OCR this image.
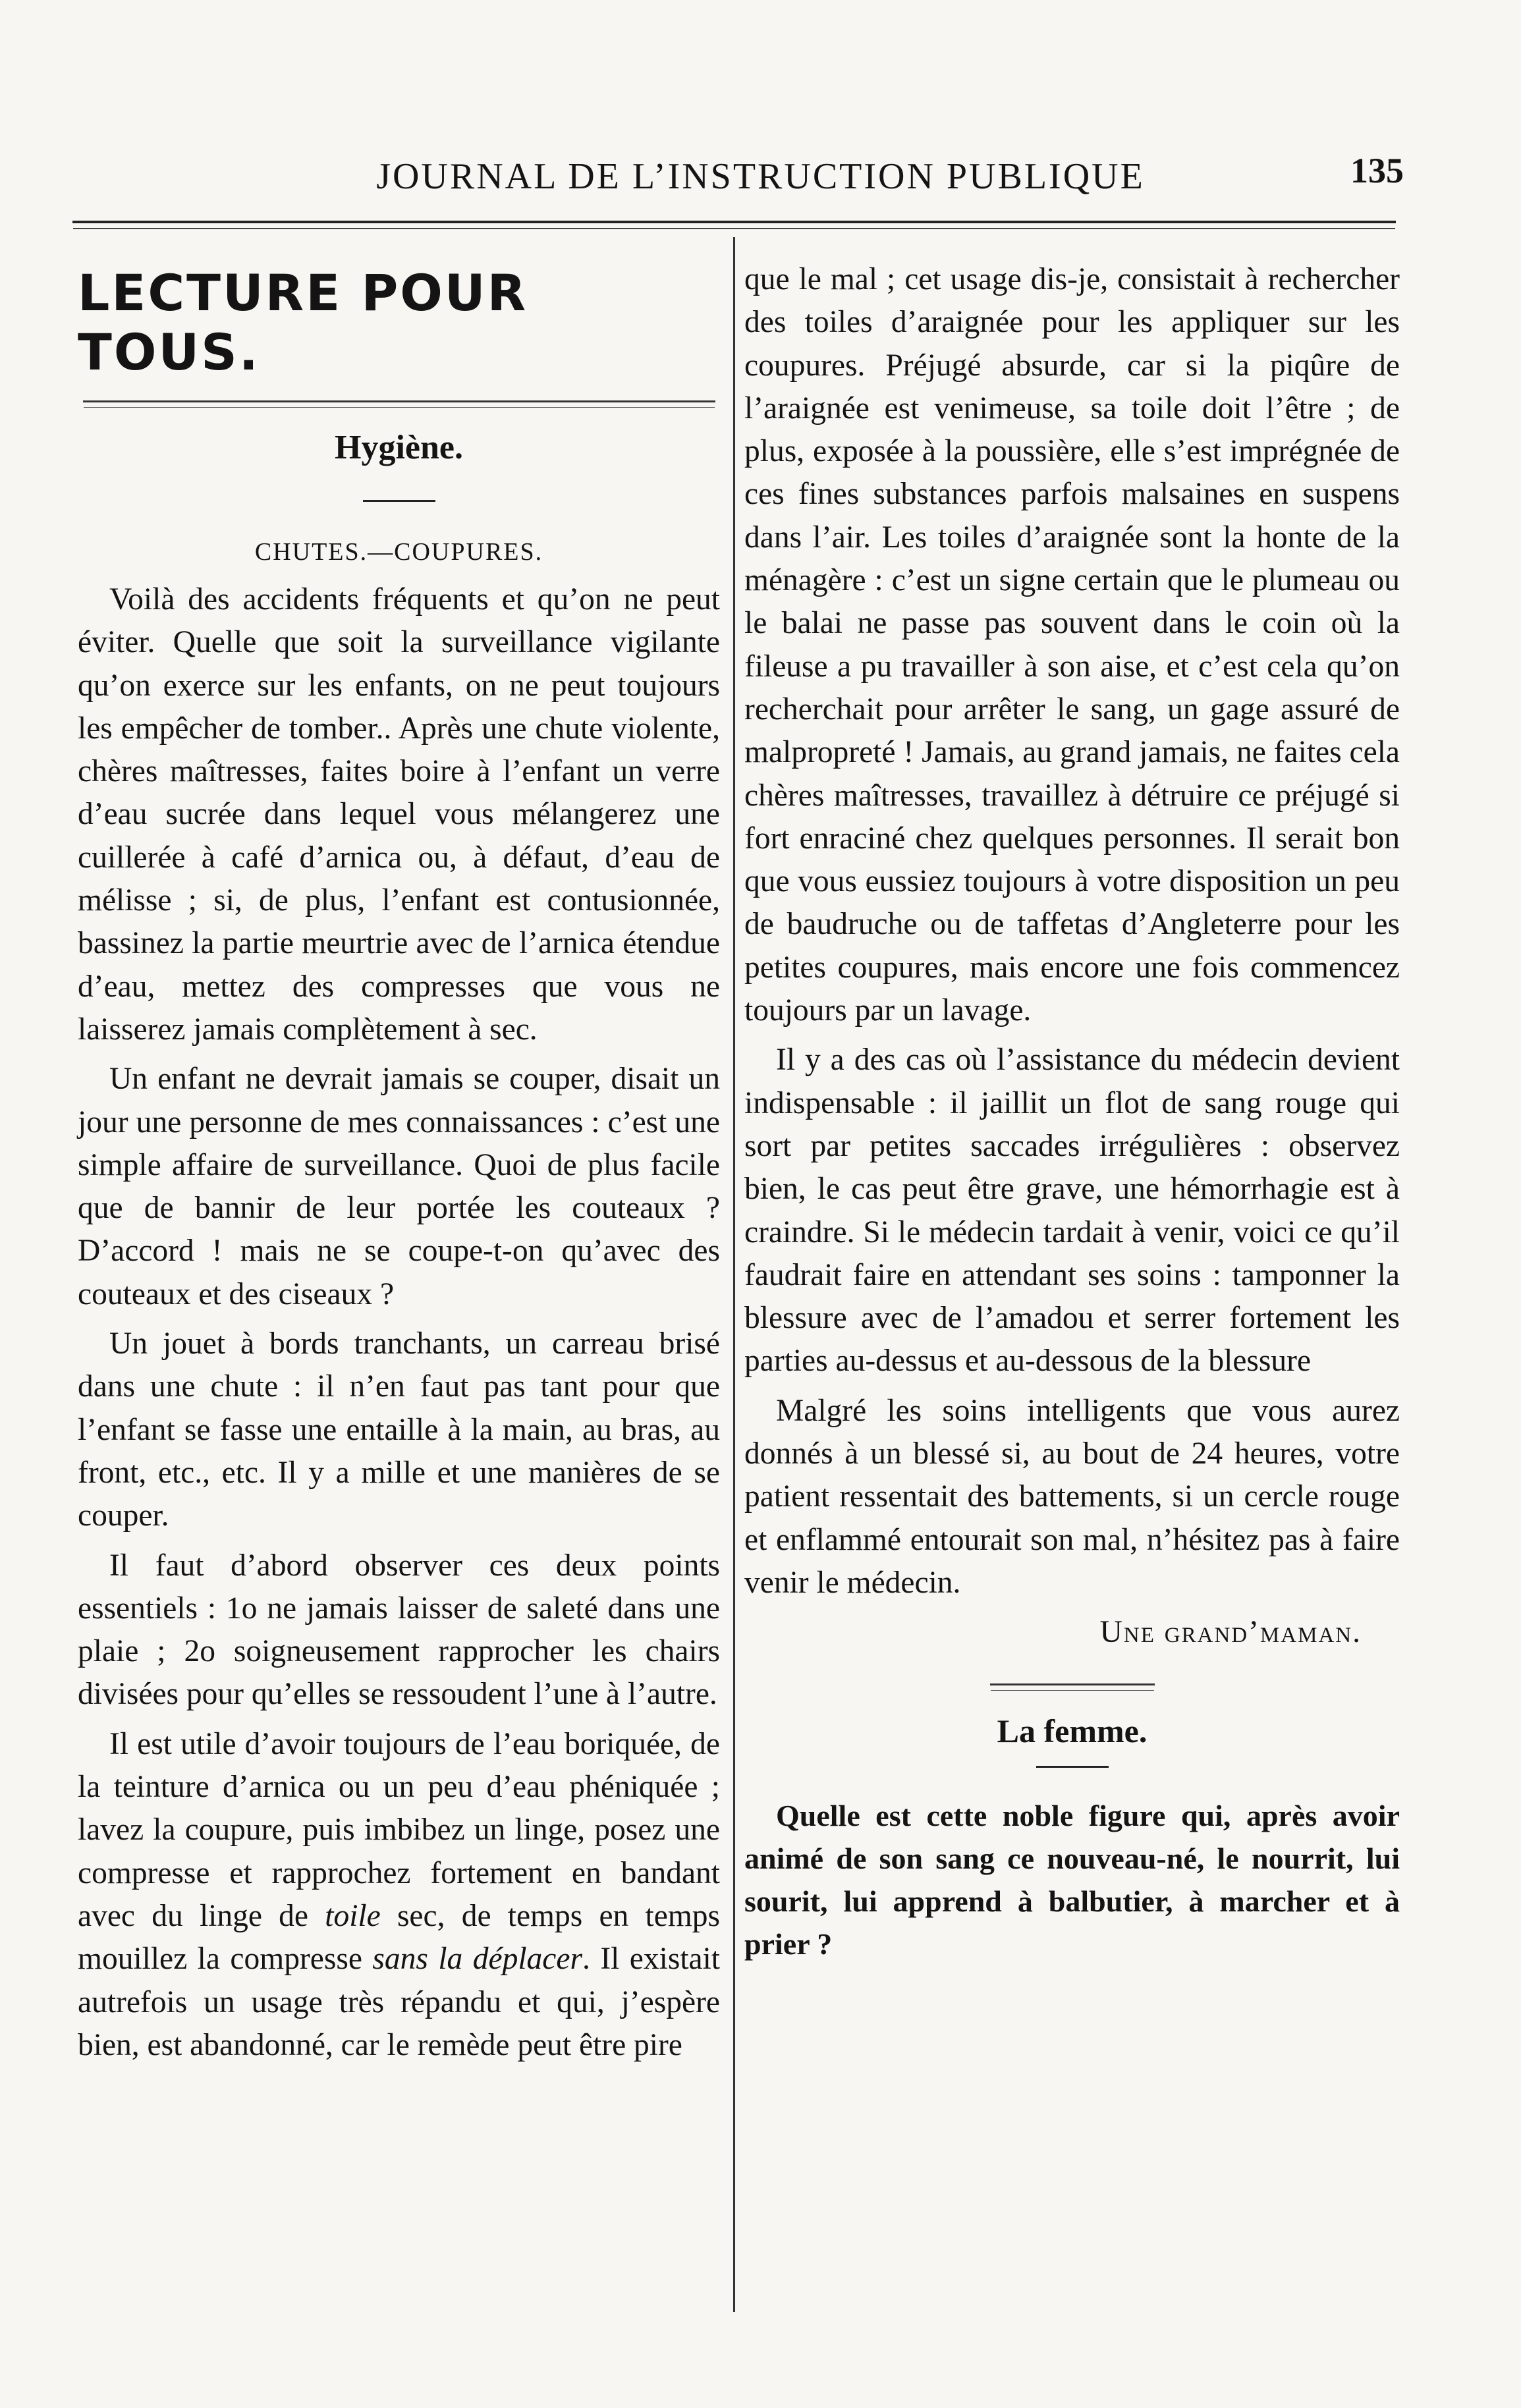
JOURNAL DE L’INSTRUCTION PUBLIQUE	135
LECTURE POUR TOUS.
Hygiène.
CHUTES.—COUPURES.

Voilà des accidents fréquents et qu’on ne peut éviter. Quelle que soit la surveillance vigilante qu’on exerce sur les enfants, on ne peut toujours les empêcher de tomber.. Après une chute violente, chères maîtresses, faites boire à l’enfant un verre d’eau sucrée dans lequel vous mélangerez une cuillerée à café d’arnica ou, à défaut, d’eau de mélisse ; si, de plus, l’enfant est contusionnée, bassinez la partie meurtrie avec de l’arnica étendue d’eau, mettez des compresses que vous ne laisserez jamais complètement à sec.

Un enfant ne devrait jamais se couper, disait un jour une personne de mes connaissances : c’est une simple affaire de surveillance. Quoi de plus facile que de bannir de leur portée les couteaux ? D’accord ! mais ne se coupe-t-on qu’avec des couteaux et des ciseaux ?

Un jouet à bords tranchants, un carreau brisé dans une chute : il n’en faut pas tant pour que l’enfant se fasse une entaille à la main, au bras, au front, etc., etc. Il y a mille et une manières de se couper.

Il faut d’abord observer ces deux points essentiels : 1o ne jamais laisser de saleté dans une plaie ; 2o soigneusement rapprocher les chairs divisées pour qu’elles se ressoudent l’une à l’autre.

Il est utile d’avoir toujours de l’eau boriquée, de la teinture d’arnica ou un peu d’eau phéniquée ; lavez la coupure, puis imbibez un linge, posez une compresse et rapprochez fortement en bandant avec du linge de toile sec, de temps en temps mouillez la compresse sans la déplacer. Il existait autrefois un usage très répandu et qui, j’espère bien, est abandonné, car le remède peut être pire

que le mal ; cet usage dis-je, consistait à rechercher des toiles d’araignée pour les appliquer sur les coupures. Préjugé absurde, car si la piqûre de l’araignée est venimeuse, sa toile doit l’être ; de plus, exposée à la poussière, elle s’est imprégnée de ces fines substances parfois malsaines en suspens dans l’air. Les toiles d’araignée sont la honte de la ménagère : c’est un signe certain que le plumeau ou le balai ne passe pas souvent dans le coin où la fileuse a pu travailler à son aise, et c’est cela qu’on recherchait pour arrêter le sang, un gage assuré de malpropreté ! Jamais, au grand jamais, ne faites cela chères maîtresses, travaillez à détruire ce préjugé si fort enraciné chez quelques personnes. Il serait bon que vous eussiez toujours à votre disposition un peu de baudruche ou de taffetas d’Angleterre pour les petites coupures, mais encore une fois commencez toujours par un lavage.

Il y a des cas où l’assistance du médecin devient indispensable : il jaillit un flot de sang rouge qui sort par petites saccades irrégulières : observez bien, le cas peut être grave, une hémorrhagie est à craindre. Si le médecin tardait à venir, voici ce qu’il faudrait faire en attendant ses soins : tamponner la blessure avec de l’amadou et serrer fortement les parties au-dessus et au-dessous de la blessure

Malgré les soins intelligents que vous aurez donnés à un blessé si, au bout de 24 heures, votre patient ressentait des battements, si un cercle rouge et enflammé entourait son mal, n’hésitez pas à faire venir le médecin.

Une grand’maman.

La femme.

Quelle est cette noble figure qui, après avoir animé de son sang ce nouveau-né, le nourrit, lui sourit, lui apprend à balbutier, à marcher et à prier ?
